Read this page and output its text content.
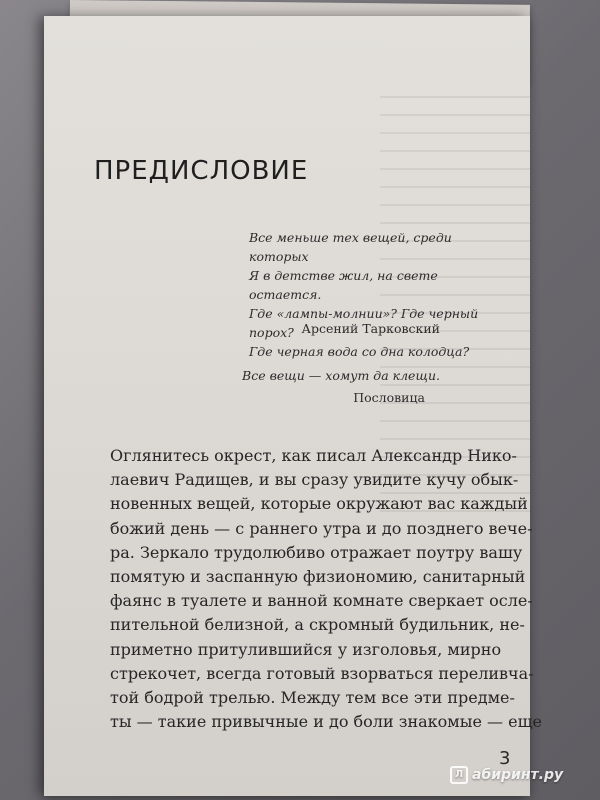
ПРЕДИСЛОВИЕ
Все меньше тех вещей, среди которых
Я в детстве жил, на свете остается.
Где «лампы-молнии»? Где черный порох?
Где черная вода со дна колодца?
Арсений Тарковский
Все вещи — хомут да клещи.
Пословица
Оглянитесь окрест, как писал Александр Нико-
лаевич Радищев, и вы сразу увидите кучу обык-
новенных вещей, которые окружают вас каждый
божий день — с раннего утра и до позднего вече-
ра. Зеркало трудолюбиво отражает поутру вашу
помятую и заспанную физиономию, санитарный
фаянс в туалете и ванной комнате сверкает осле-
пительной белизной, а скромный будильник, не-
приметно притулившийся у изголовья, мирно
стрекочет, всегда готовый взорваться переливча-
той бодрой трелью. Между тем все эти предме-
ты — такие привычные и до боли знакомые — еще
3
Л абиринт.ру
